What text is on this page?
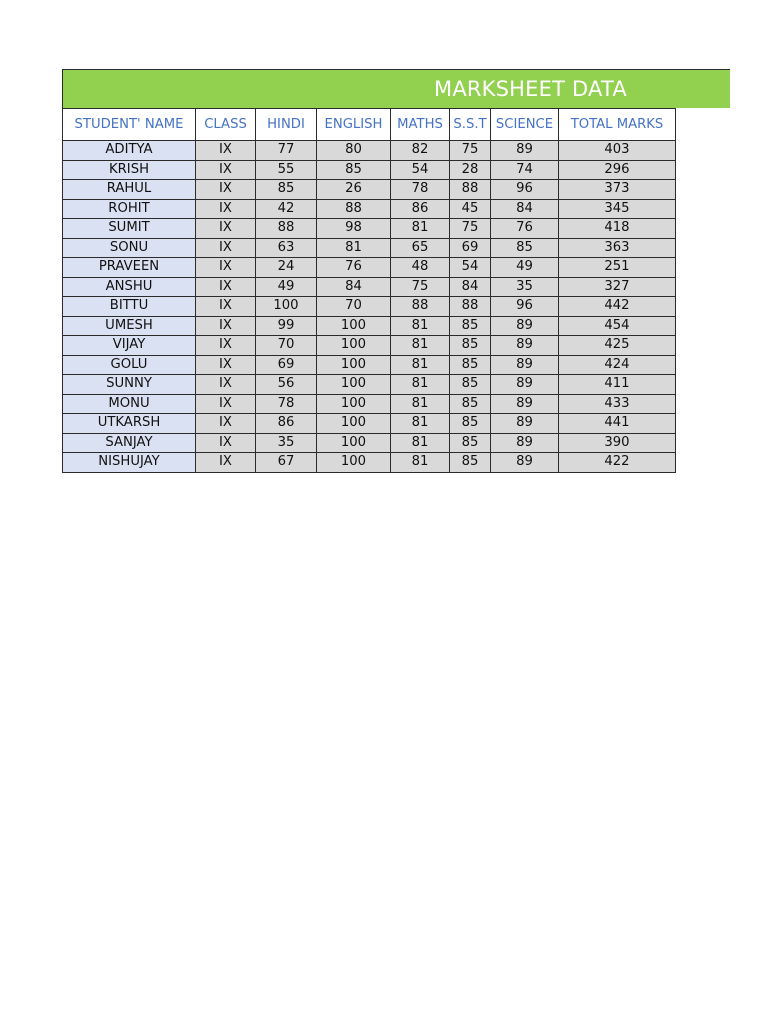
MARKSHEET DATA
STUDENT' NAME	CLASS	HINDI	ENGLISH	MATHS	S.S.T	SCIENCE	TOTAL MARKS
ADITYA	IX	77	80	82	75	89	403
KRISH	IX	55	85	54	28	74	296
RAHUL	IX	85	26	78	88	96	373
ROHIT	IX	42	88	86	45	84	345
SUMIT	IX	88	98	81	75	76	418
SONU	IX	63	81	65	69	85	363
PRAVEEN	IX	24	76	48	54	49	251
ANSHU	IX	49	84	75	84	35	327
BITTU	IX	100	70	88	88	96	442
UMESH	IX	99	100	81	85	89	454
VIJAY	IX	70	100	81	85	89	425
GOLU	IX	69	100	81	85	89	424
SUNNY	IX	56	100	81	85	89	411
MONU	IX	78	100	81	85	89	433
UTKARSH	IX	86	100	81	85	89	441
SANJAY	IX	35	100	81	85	89	390
NISHUJAY	IX	67	100	81	85	89	422
